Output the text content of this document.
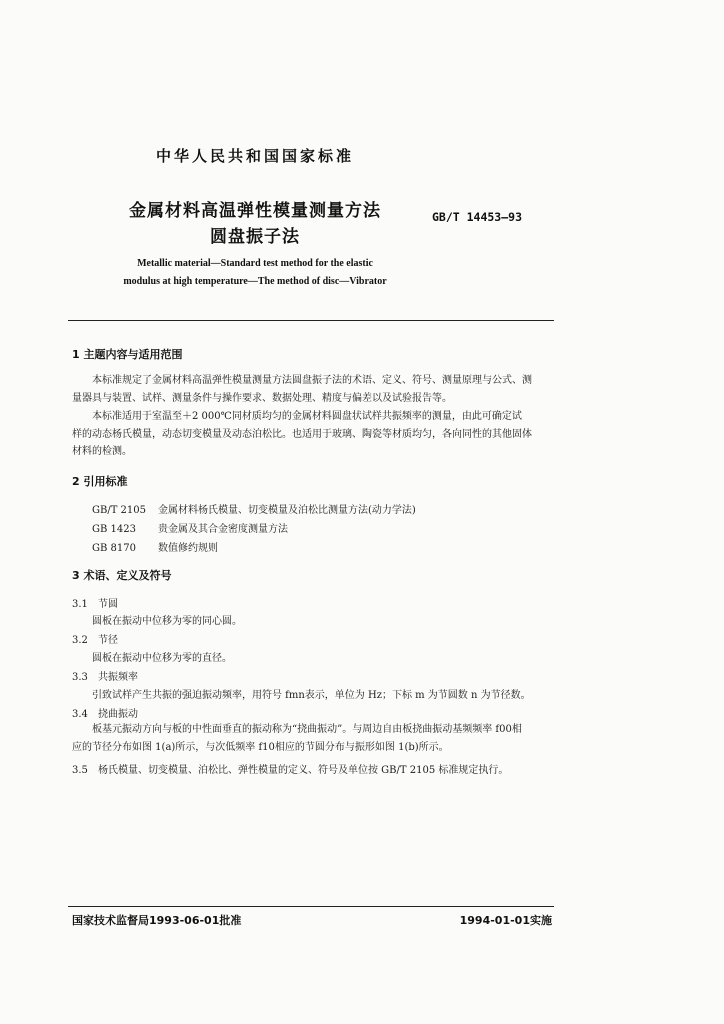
中华人民共和国国家标准
金属材料高温弹性模量测量方法
圆盘振子法
GB/T 14453—93
Metallic material—Standard test method for the elastic
modulus at high temperature—The method of disc—Vibrator
1 主题内容与适用范围
本标准规定了金属材料高温弹性模量测量方法圆盘振子法的术语、定义、符号、测量原理与公式、测
量器具与装置、试样、测量条件与操作要求、数据处理、精度与偏差以及试验报告等。
本标准适用于室温至＋2 000℃同材质均匀的金属材料圆盘状试样共振频率的测量，由此可确定试
样的动态杨氏模量，动态切变模量及动态泊松比。也适用于玻璃、陶瓷等材质均匀，各向同性的其他固体
材料的检测。
2 引用标准
GB/T 2105 金属材料杨氏模量、切变模量及泊松比测量方法(动力学法)
GB 1423 贵金属及其合金密度测量方法
GB 8170 数值修约规则
3 术语、定义及符号
3.1 节圆
圆板在振动中位移为零的同心圆。
3.2 节径
圆板在振动中位移为零的直径。
3.3 共振频率
引致试样产生共振的强迫振动频率，用符号 fmn表示，单位为 Hz；下标 m 为节圆数 n 为节径数。
3.4 挠曲振动
板基元振动方向与板的中性面垂直的振动称为“挠曲振动”。与周边自由板挠曲振动基频频率 f00相
应的节径分布如图 1(a)所示，与次低频率 f10相应的节圆分布与振形如图 1(b)所示。
3.5 杨氏模量、切变模量、泊松比、弹性模量的定义、符号及单位按 GB/T 2105 标准规定执行。
国家技术监督局1993-06-01批准	1994-01-01实施
